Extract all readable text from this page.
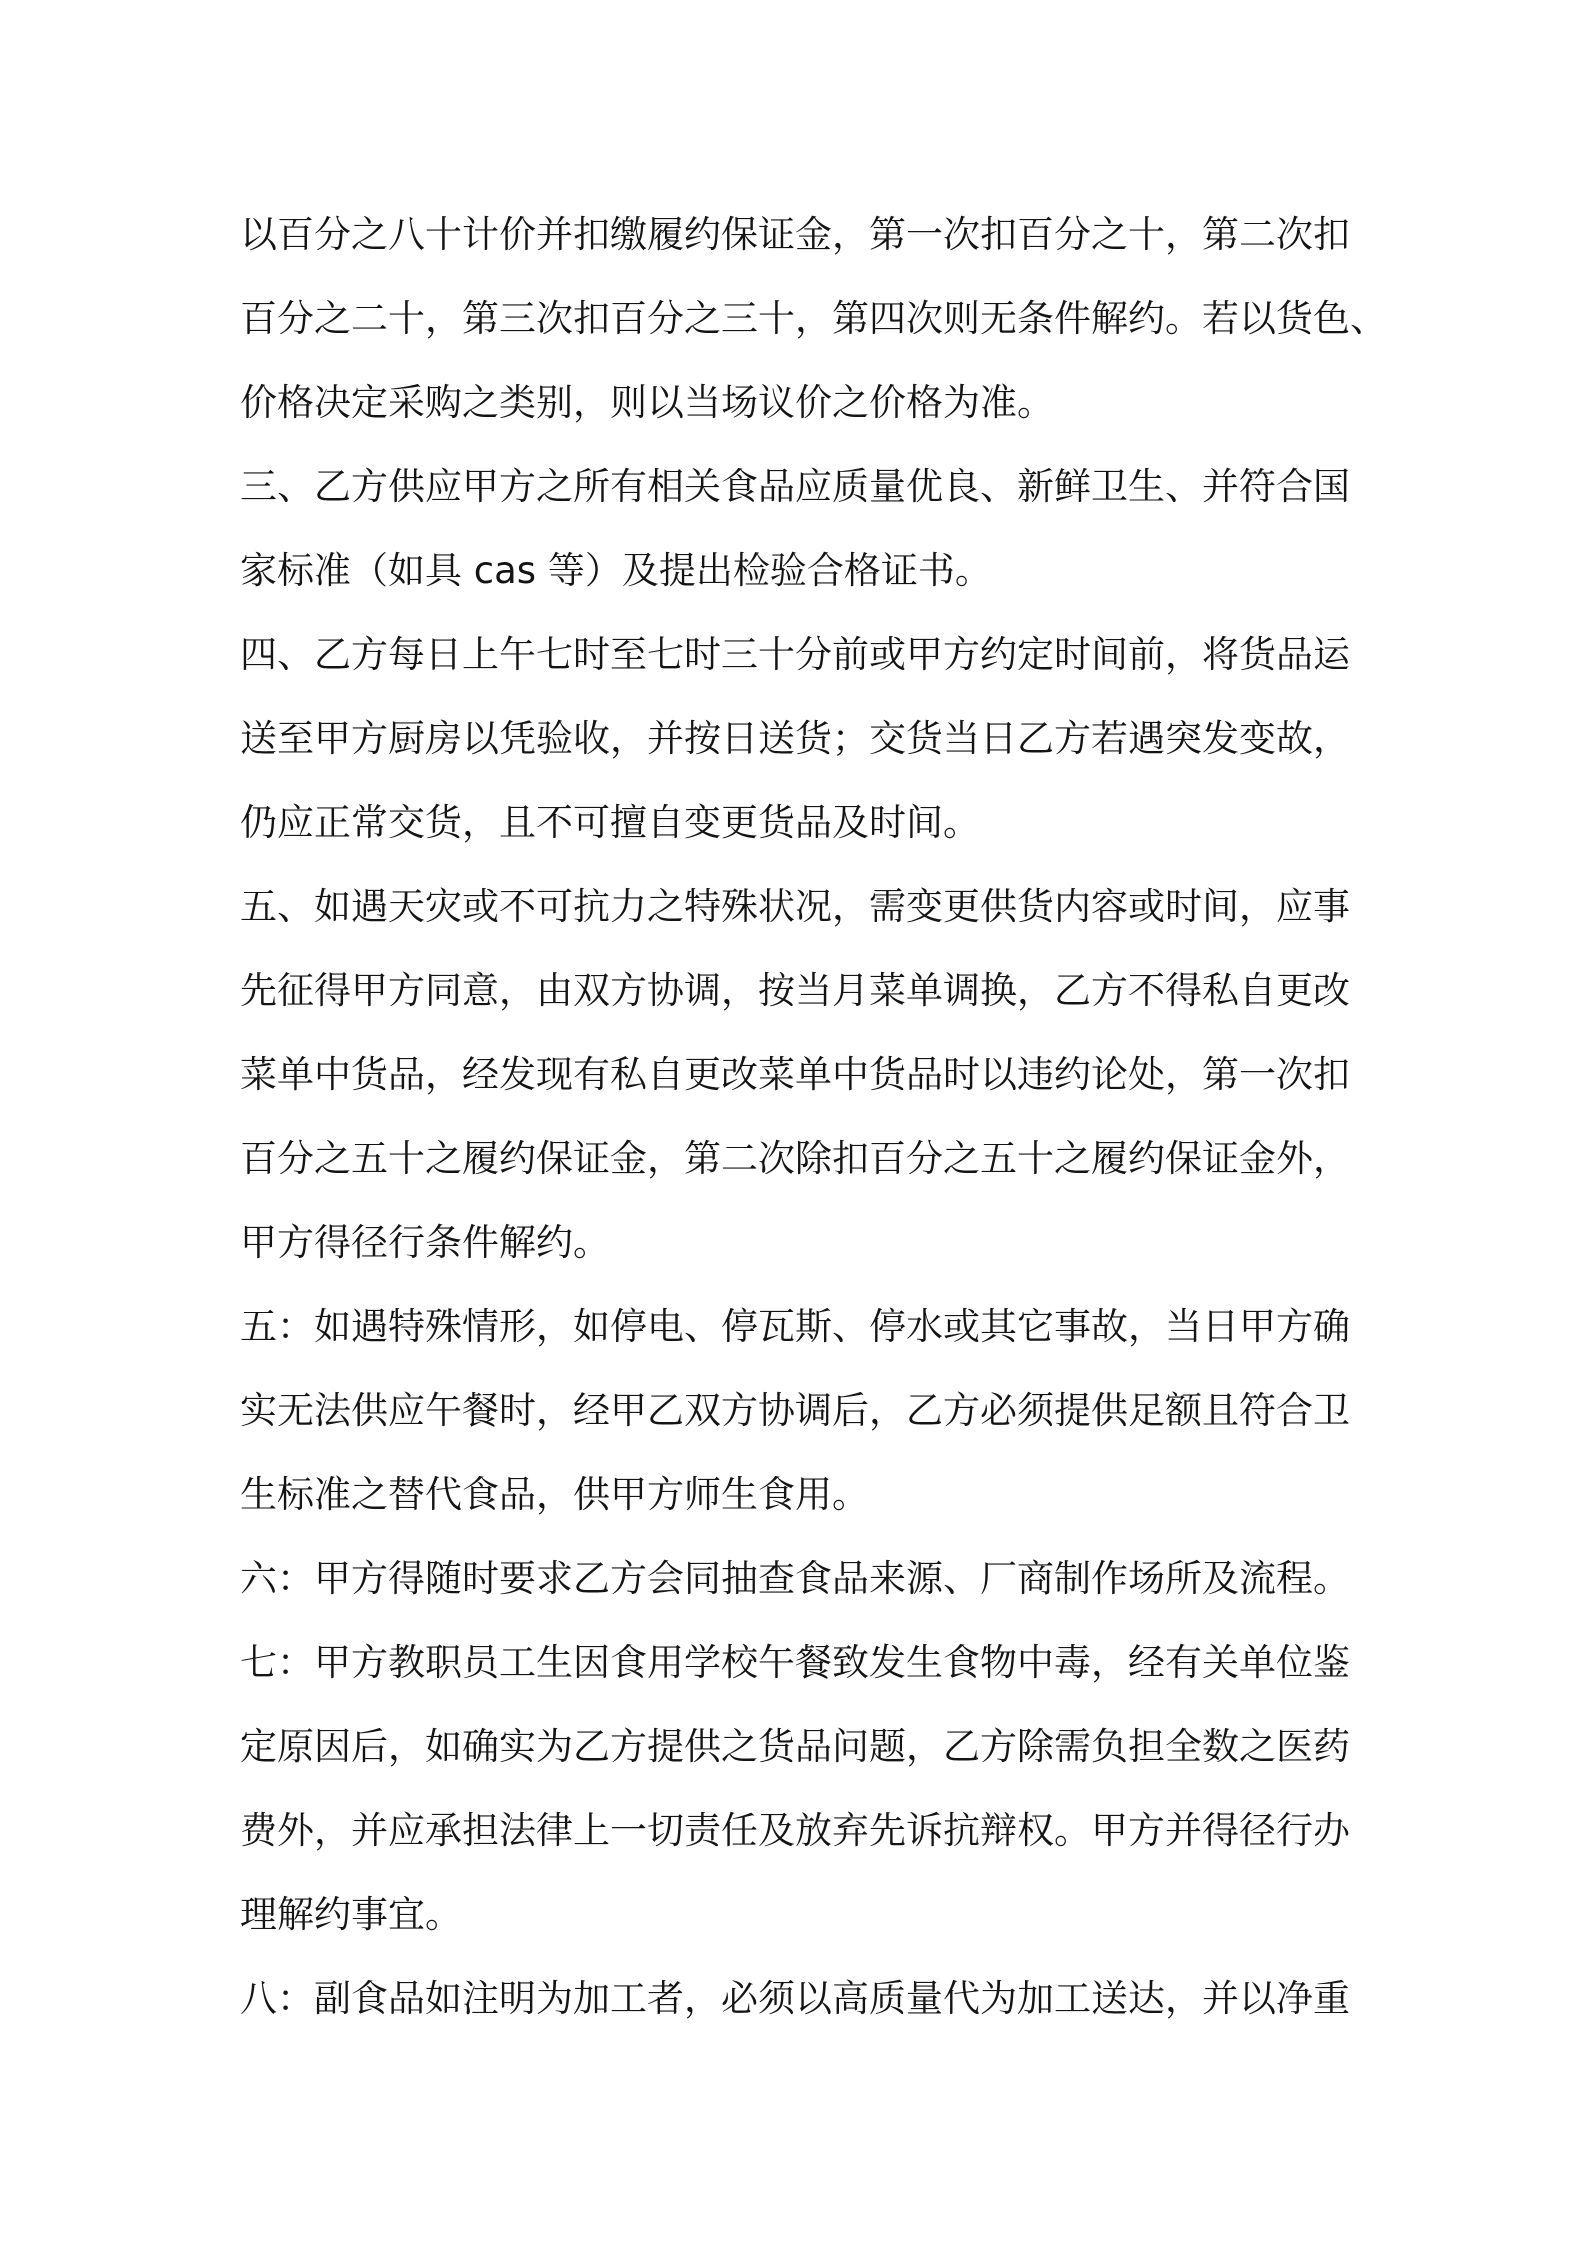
以百分之八十计价并扣缴履约保证金，第一次扣百分之十，第二次扣
百分之二十，第三次扣百分之三十，第四次则无条件解约。若以货色、
价格决定采购之类别，则以当场议价之价格为准。
三、乙方供应甲方之所有相关食品应质量优良、新鲜卫生、并符合国
家标准（如具 cas 等）及提出检验合格证书。
四、乙方每日上午七时至七时三十分前或甲方约定时间前，将货品运
送至甲方厨房以凭验收，并按日送货；交货当日乙方若遇突发变故，
仍应正常交货，且不可擅自变更货品及时间。
五、如遇天灾或不可抗力之特殊状况，需变更供货内容或时间，应事
先征得甲方同意，由双方协调，按当月菜单调换，乙方不得私自更改
菜单中货品，经发现有私自更改菜单中货品时以违约论处，第一次扣
百分之五十之履约保证金，第二次除扣百分之五十之履约保证金外，
甲方得径行条件解约。
五：如遇特殊情形，如停电、停瓦斯、停水或其它事故，当日甲方确
实无法供应午餐时，经甲乙双方协调后，乙方必须提供足额且符合卫
生标准之替代食品，供甲方师生食用。
六：甲方得随时要求乙方会同抽查食品来源、厂商制作场所及流程。
七：甲方教职员工生因食用学校午餐致发生食物中毒，经有关单位鉴
定原因后，如确实为乙方提供之货品问题，乙方除需负担全数之医药
费外，并应承担法律上一切责任及放弃先诉抗辩权。甲方并得径行办
理解约事宜。
八：副食品如注明为加工者，必须以高质量代为加工送达，并以净重
